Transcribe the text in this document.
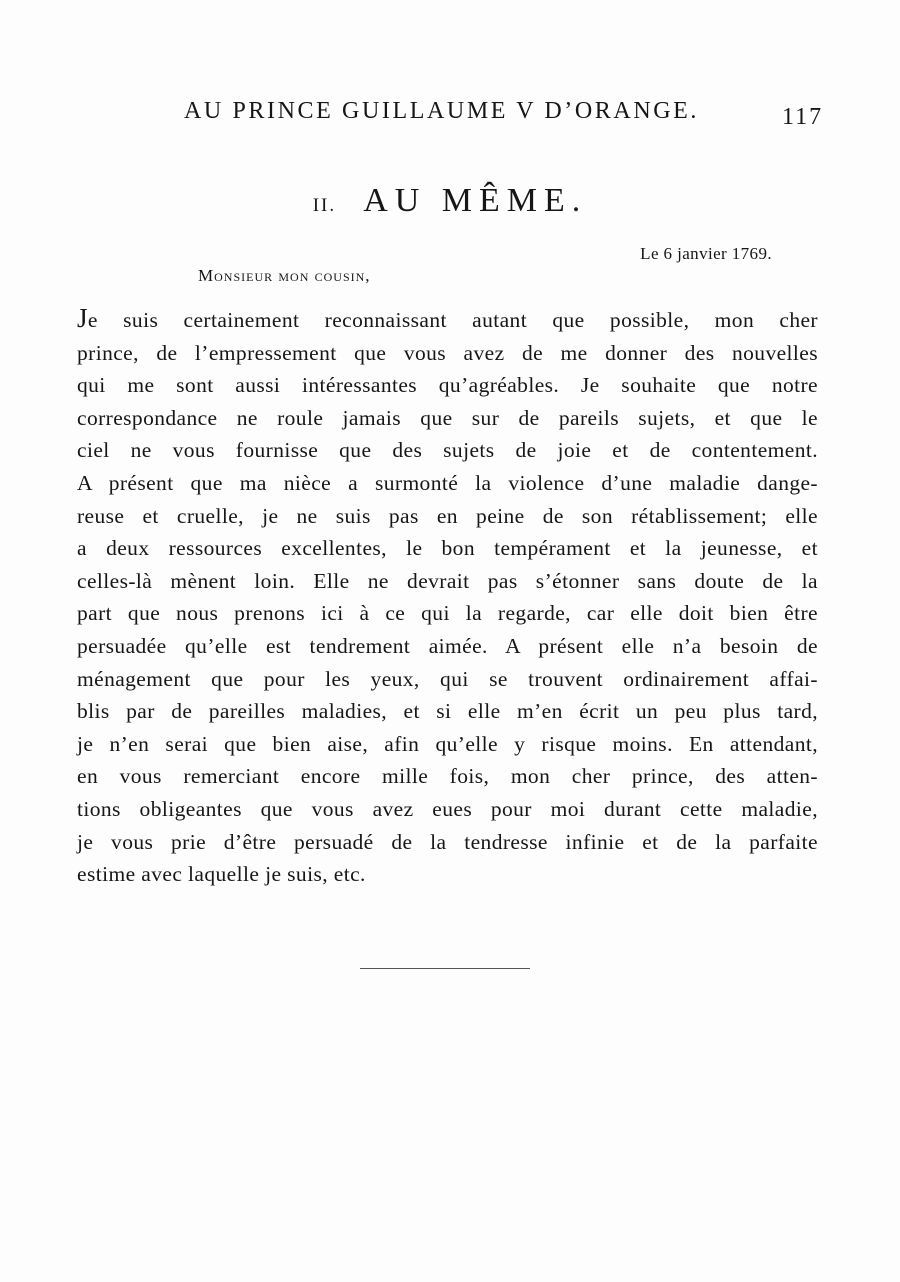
AU PRINCE GUILLAUME V D’ORANGE.	117
II. AU MÊME.
Le 6 janvier 1769.
Monsieur mon cousin,
Je suis certainement reconnaissant autant que possible, mon cher
prince, de l’empressement que vous avez de me donner des nouvelles
qui me sont aussi intéressantes qu’agréables. Je souhaite que notre
correspondance ne roule jamais que sur de pareils sujets, et que le
ciel ne vous fournisse que des sujets de joie et de contentement.
A présent que ma nièce a surmonté la violence d’une maladie dange-
reuse et cruelle, je ne suis pas en peine de son rétablissement; elle
a deux ressources excellentes, le bon tempérament et la jeunesse, et
celles-là mènent loin. Elle ne devrait pas s’étonner sans doute de la
part que nous prenons ici à ce qui la regarde, car elle doit bien être
persuadée qu’elle est tendrement aimée. A présent elle n’a besoin de
ménagement que pour les yeux, qui se trouvent ordinairement affai-
blis par de pareilles maladies, et si elle m’en écrit un peu plus tard,
je n’en serai que bien aise, afin qu’elle y risque moins. En attendant,
en vous remerciant encore mille fois, mon cher prince, des atten-
tions obligeantes que vous avez eues pour moi durant cette maladie,
je vous prie d’être persuadé de la tendresse infinie et de la parfaite
estime avec laquelle je suis, etc.
